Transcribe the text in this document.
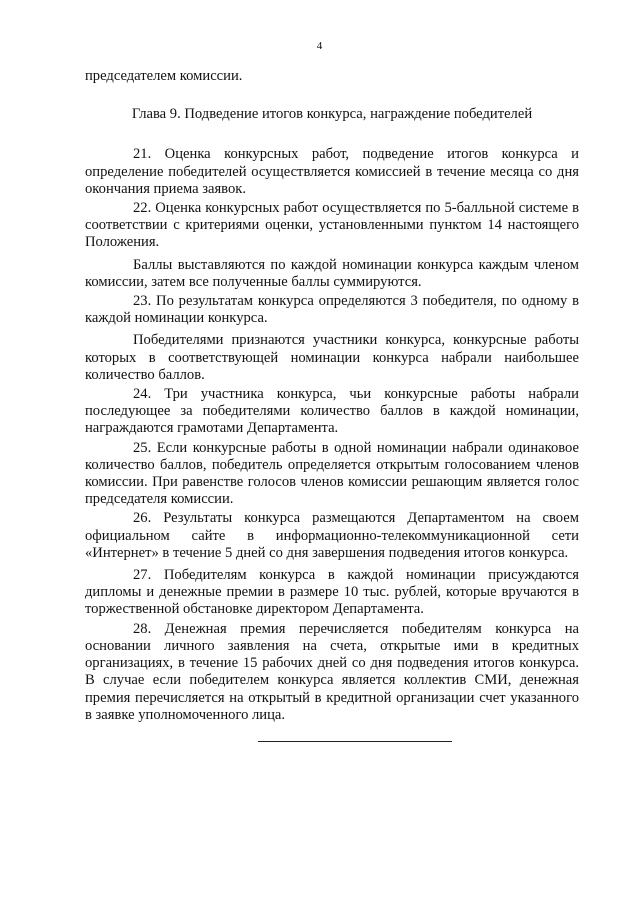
4

председателем комиссии.

Глава 9. Подведение итогов конкурса, награждение победителей

21. Оценка конкурсных работ, подведение итогов конкурса и определение победителей осуществляется комиссией в течение месяца со дня окончания приема заявок.

22. Оценка конкурсных работ осуществляется по 5-балльной системе в соответствии с критериями оценки, установленными пунктом 14 настоящего Положения.

Баллы выставляются по каждой номинации конкурса каждым членом комиссии, затем все полученные баллы суммируются.

23. По результатам конкурса определяются 3 победителя, по одному в каждой номинации конкурса.

Победителями признаются участники конкурса, конкурсные работы которых в соответствующей номинации конкурса набрали наибольшее количество баллов.

24. Три участника конкурса, чьи конкурсные работы набрали последующее за победителями количество баллов в каждой номинации, награждаются грамотами Департамента.

25. Если конкурсные работы в одной номинации набрали одинаковое количество баллов, победитель определяется открытым голосованием членов комиссии. При равенстве голосов членов комиссии решающим является голос председателя комиссии.

26. Результаты конкурса размещаются Департаментом на своем официальном сайте в информационно-телекоммуникационной сети «Интернет» в течение 5 дней со дня завершения подведения итогов конкурса.

27. Победителям конкурса в каждой номинации присуждаются дипломы и денежные премии в размере 10 тыс. рублей, которые вручаются в торжественной обстановке директором Департамента.

28. Денежная премия перечисляется победителям конкурса на основании личного заявления на счета, открытые ими в кредитных организациях, в течение 15 рабочих дней со дня подведения итогов конкурса. В случае если победителем конкурса является коллектив СМИ, денежная премия перечисляется на открытый в кредитной организации счет указанного в заявке уполномоченного лица.
